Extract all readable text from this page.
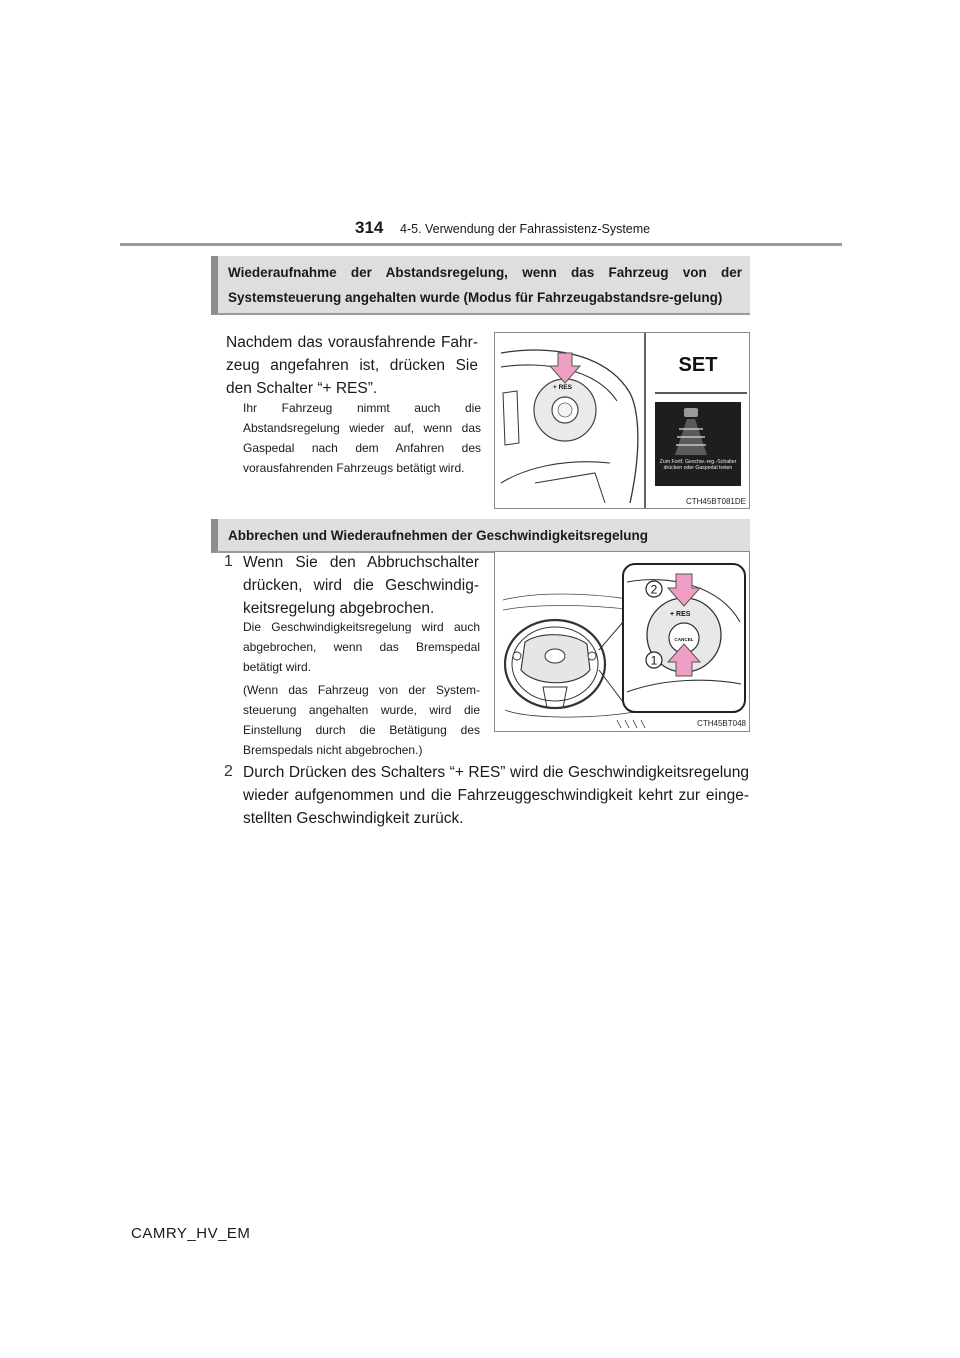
314 4-5. Verwendung der Fahrassistenz-Systeme
Wiederaufnahme der Abstandsregelung, wenn das Fahrzeug von der Systemsteuerung angehalten wurde (Modus für Fahrzeugabstandsre-gelung)
Nachdem das vorausfahrende Fahr-zeug angefahren ist, drücken Sie den Schalter “+ RES”.
Ihr Fahrzeug nimmt auch die Abstandsregelung wieder auf, wenn das Gaspedal nach dem Anfahren des vorausfahrenden Fahrzeugs betätigt wird.
+ RES
SET
Zum Fortf. Geschw.-reg.-Schalter drücken oder Gaspedal treten
CTH45BT081DE
Abbrechen und Wiederaufnehmen der Geschwindigkeitsregelung
1 Wenn Sie den Abbruchschalter drücken, wird die Geschwindig-keitsregelung abgebrochen.
Die Geschwindigkeitsregelung wird auch abgebrochen, wenn das Bremspedal betätigt wird.
(Wenn das Fahrzeug von der System-steuerung angehalten wurde, wird die Einstellung durch die Betätigung des Bremspedals nicht abgebrochen.)
+ RES
CANCEL
2
1
CTH45BT048
2 Durch Drücken des Schalters “+ RES” wird die Geschwindigkeitsregelung wieder aufgenommen und die Fahrzeuggeschwindigkeit kehrt zur einge-stellten Geschwindigkeit zurück.
CAMRY_HV_EM
